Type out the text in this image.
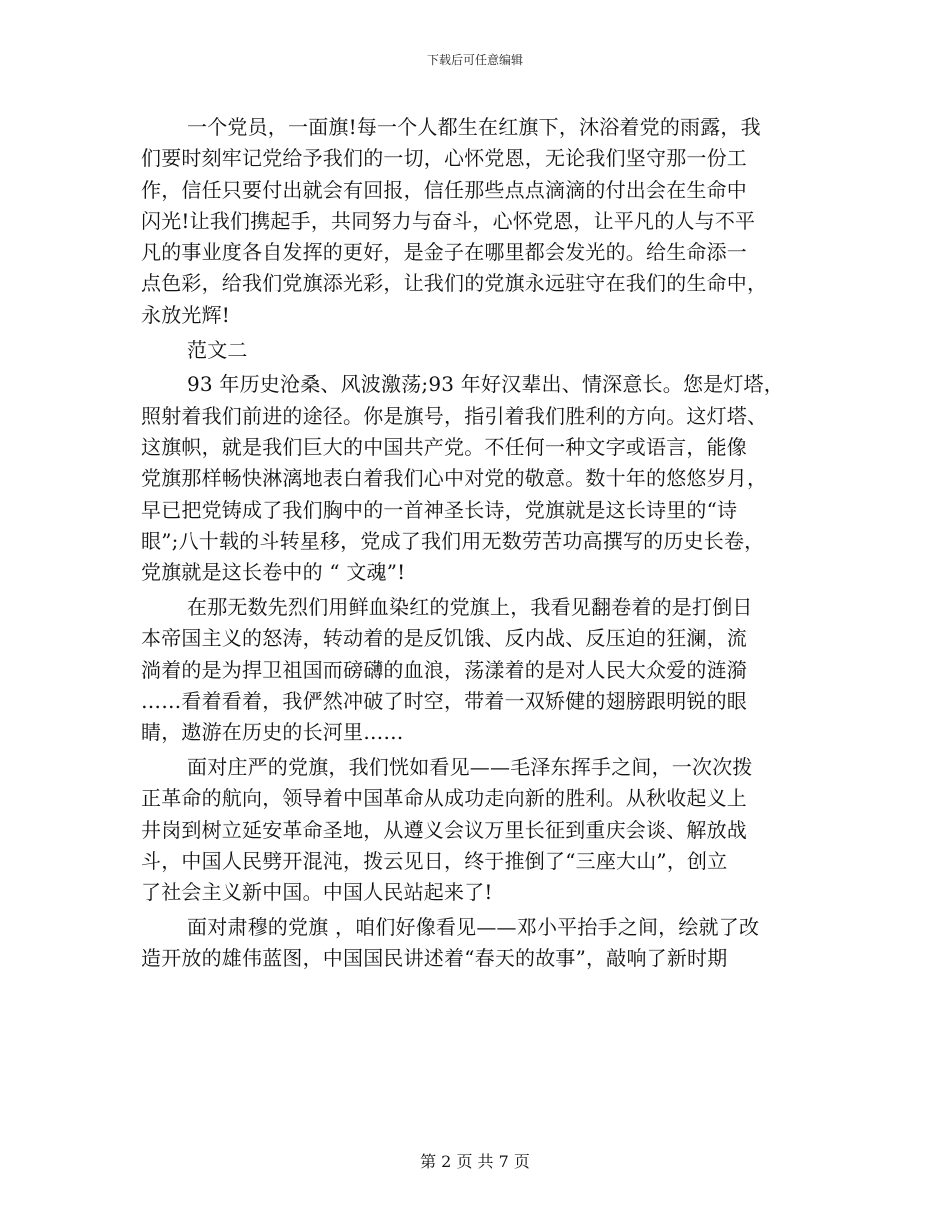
下载后可任意编辑
一个党员，一面旗!每一个人都生在红旗下，沐浴着党的雨露，我
们要时刻牢记党给予我们的一切，心怀党恩，无论我们坚守那一份工
作，信任只要付出就会有回报，信任那些点点滴滴的付出会在生命中
闪光!让我们携起手，共同努力与奋斗，心怀党恩，让平凡的人与不平
凡的事业度各自发挥的更好，是金子在哪里都会发光的。给生命添一
点色彩，给我们党旗添光彩，让我们的党旗永远驻守在我们的生命中，
永放光辉!
范文二
93 年历史沧桑、风波激荡;93 年好汉辈出、情深意长。您是灯塔，
照射着我们前进的途径。你是旗号，指引着我们胜利的方向。这灯塔、
这旗帜，就是我们巨大的中国共产党。不任何一种文字或语言，能像
党旗那样畅快淋漓地表白着我们心中对党的敬意。数十年的悠悠岁月，
早已把党铸成了我们胸中的一首神圣长诗，党旗就是这长诗里的“诗
眼”;八十载的斗转星移，党成了我们用无数劳苦功高撰写的历史长卷，
党旗就是这长卷中的 “ 文魂”!
在那无数先烈们用鲜血染红的党旗上，我看见翻卷着的是打倒日
本帝国主义的怒涛，转动着的是反饥饿、反内战、反压迫的狂澜，流
淌着的是为捍卫祖国而磅礴的血浪，荡漾着的是对人民大众爱的涟漪
……看着看着，我俨然冲破了时空，带着一双矫健的翅膀跟明锐的眼
睛，遨游在历史的长河里……
面对庄严的党旗，我们恍如看见——毛泽东挥手之间，一次次拨
正革命的航向，领导着中国革命从成功走向新的胜利。从秋收起义上
井岗到树立延安革命圣地，从遵义会议万里长征到重庆会谈、解放战
斗，中国人民劈开混沌，拨云见日，终于推倒了“三座大山”，创立
了社会主义新中国。中国人民站起来了!
面对肃穆的党旗 ，咱们好像看见——邓小平抬手之间，绘就了改
造开放的雄伟蓝图，中国国民讲述着“春天的故事”，敲响了新时期
第 2 页 共 7 页
